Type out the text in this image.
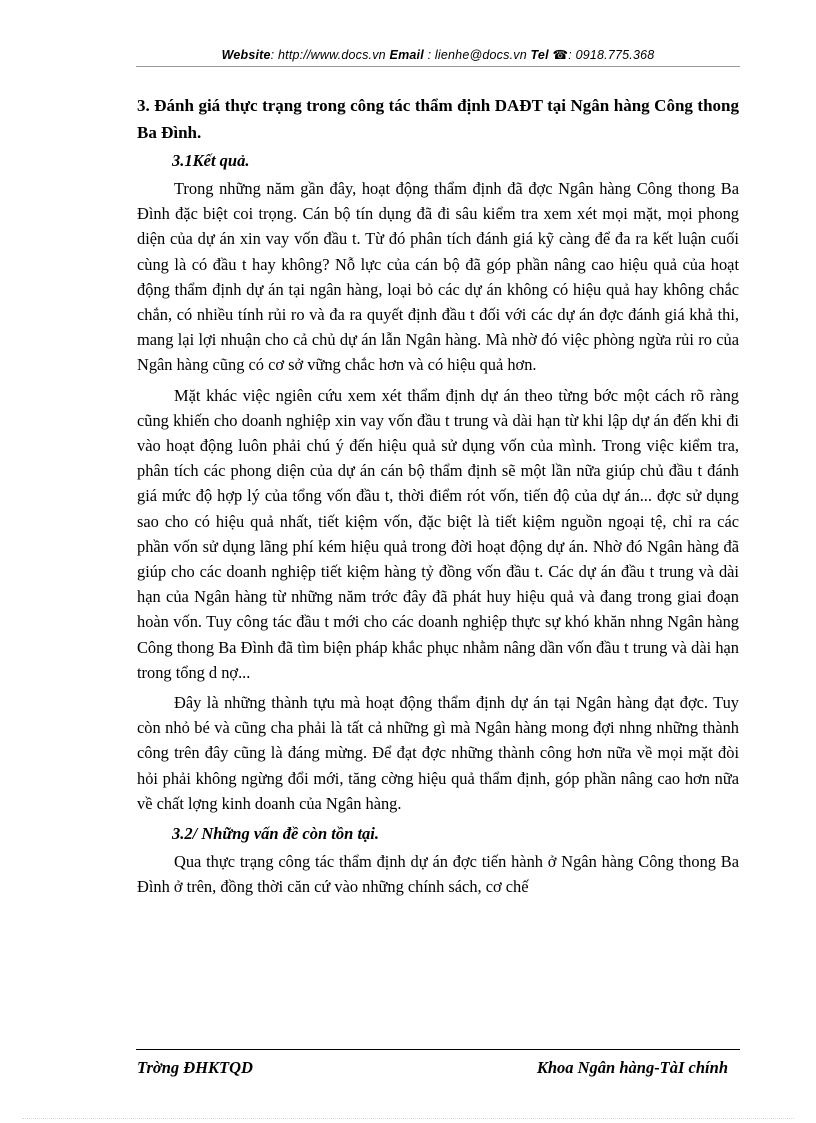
Website: http://www.docs.vn Email : lienhe@docs.vn Tel ☎: 0918.775.368
3. Đánh giá thực trạng trong công tác thẩm định DAĐT tại Ngân hàng Công thong Ba Đình.
3.1Kết quả.

Trong những năm gần đây, hoạt động thẩm định đã đợc Ngân hàng Công thong Ba Đình đặc biệt coi trọng. Cán bộ tín dụng đã đi sâu kiểm tra xem xét mọi mặt, mọi phong diện của dự án xin vay vốn đầu t. Từ đó phân tích đánh giá kỹ càng để đa ra kết luận cuối cùng là có đầu t hay không? Nỗ lực của cán bộ đã góp phần nâng cao hiệu quả của hoạt động thẩm định dự án tại ngân hàng, loại bỏ các dự án không có hiệu quả hay không chắc chắn, có nhiều tính rủi ro và đa ra quyết định đầu t đối với các dự án đợc đánh giá khả thi, mang lại lợi nhuận cho cả chủ dự án lẫn Ngân hàng. Mà nhờ đó việc phòng ngừa rủi ro của Ngân hàng cũng có cơ sở vững chắc hơn và có hiệu quả hơn.

Mặt khác việc ngiên cứu xem xét thẩm định dự án theo từng bớc một cách rõ ràng cũng khiến cho doanh nghiệp xin vay vốn đầu t trung và dài hạn từ khi lập dự án đến khi đi vào hoạt động luôn phải chú ý đến hiệu quả sử dụng vốn của mình. Trong việc kiểm tra, phân tích các phong diện của dự án cán bộ thẩm định sẽ một lần nữa giúp chủ đầu t đánh giá mức độ hợp lý của tổng vốn đầu t, thời điểm rót vốn, tiến độ của dự án... đợc sử dụng sao cho có hiệu quả nhất, tiết kiệm vốn, đặc biệt là tiết kiệm nguồn ngoại tệ, chỉ ra các phần vốn sử dụng lãng phí kém hiệu quả trong đời hoạt động dự án. Nhờ đó Ngân hàng đã giúp cho các doanh nghiệp tiết kiệm hàng tỷ đồng vốn đầu t. Các dự án đầu t trung và dài hạn của Ngân hàng từ những năm trớc đây đã phát huy hiệu quả và đang trong giai đoạn hoàn vốn. Tuy công tác đầu t mới cho các doanh nghiệp thực sự khó khăn nhng Ngân hàng Công thong Ba Đình đã tìm biện pháp khắc phục nhằm nâng dần vốn đầu t trung và dài hạn trong tổng d nợ...

Đây là những thành tựu mà hoạt động thẩm định dự án tại Ngân hàng đạt đợc. Tuy còn nhỏ bé và cũng cha phải là tất cả những gì mà Ngân hàng mong đợi nhng những thành công trên đây cũng là đáng mừng. Để đạt đợc những thành công hơn nữa về mọi mặt đòi hỏi phải không ngừng đổi mới, tăng cờng hiệu quả thẩm định, góp phần nâng cao hơn nữa về chất lợng kinh doanh của Ngân hàng.

3.2/ Những vấn đề còn tồn tại.

Qua thực trạng công tác thẩm định dự án đợc tiến hành ở Ngân hàng Công thong Ba Đình ở trên, đồng thời căn cứ vào những chính sách, cơ chế

Trờng ĐHKTQD	Khoa Ngân hàng-TàI chính
